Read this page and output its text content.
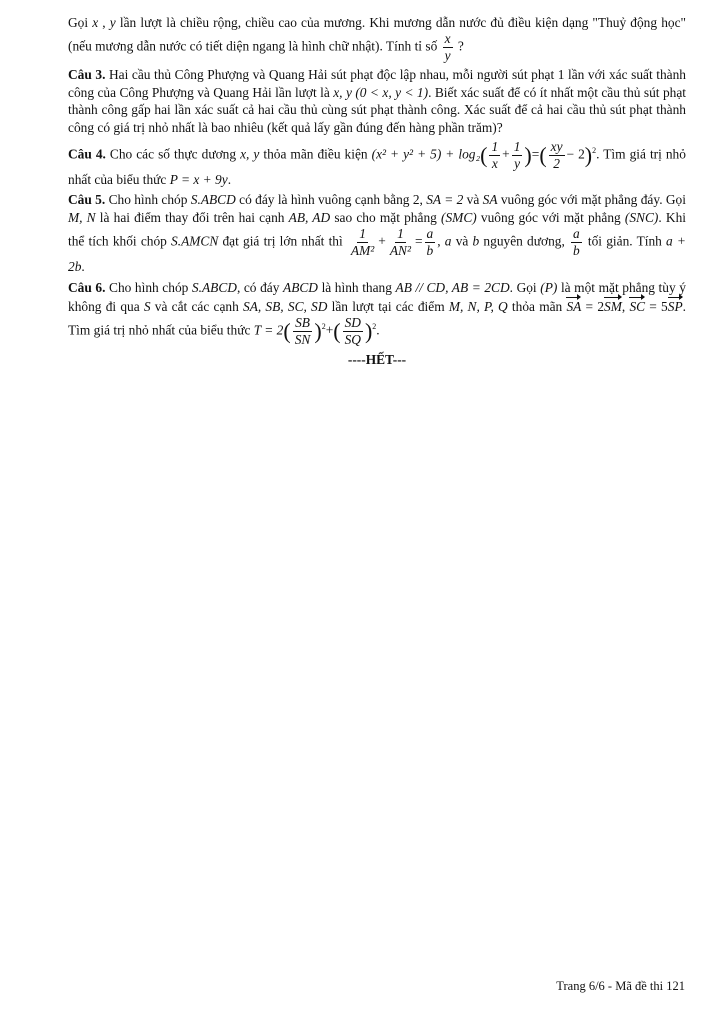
Gọi x , y lần lượt là chiều rộng, chiều cao của mương. Khi mương dẫn nước đủ điều kiện dạng "Thuỷ động học" (nếu mương dẫn nước có tiết diện ngang là hình chữ nhật). Tính tỉ số $\frac{x}{y}$ ?

Câu 3. Hai cầu thủ Công Phượng và Quang Hải sút phạt độc lập nhau, mỗi người sút phạt 1 lần với xác suất thành công của Công Phượng và Quang Hải lần lượt là x, y (0 < x, y < 1). Biết xác suất để có ít nhất một cầu thủ sút phạt thành công gấp hai lần xác suất cả hai cầu thủ cùng sút phạt thành công. Xác suất để cả hai cầu thủ sút phạt thành công có giá trị nhỏ nhất là bao nhiêu (kết quả lấy gần đúng đến hàng phần trăm)?

Câu 4. Cho các số thực dương x, y thỏa mãn điều kiện $(x^2 + y^2 + 5) + \log_2( \frac{1}{x} + \frac{1}{y}$ )=( $\frac{xy}{2} - 2)^2$. Tìm giá trị nhỏ nhất của biểu thức P = x + 9y.

Câu 5. Cho hình chóp S.ABCD có đáy là hình vuông cạnh bằng 2, SA = 2 và SA vuông góc với mặt phẳng đáy. Gọi M, N là hai điểm thay đổi trên hai cạnh AB, AD sao cho mặt phẳng (SMC) vuông góc với mặt phẳng (SNC). Khi thể tích khối chóp S.AMCN đạt giá trị lớn nhất thì $\frac{1}{\text{AM²}} + \frac{1}{\text{AN²}} = \frac{a}{b}$ , a và b nguyên dương, $\frac{a}{b}$ tối giản. Tính a + 2b.

Câu 6. Cho hình chóp S.ABCD, có đáy ABCD là hình thang AB // CD, AB = 2CD. Gọi (P) là một mặt phẳng tùy ý không đi qua S và cắt các cạnh SA, SB, SC, SD lần lượt tại các điểm M, N, P, Q thỏa mãn SA = 2SM, SC = 5SP. Tìm giá trị nhỏ nhất của biểu thức $T = 2( \frac{SB}{SN} )^2+( \frac{SD}{SQ} )^2$.

----HẾT---

Trang 6/6 - Mã đề thi 121
